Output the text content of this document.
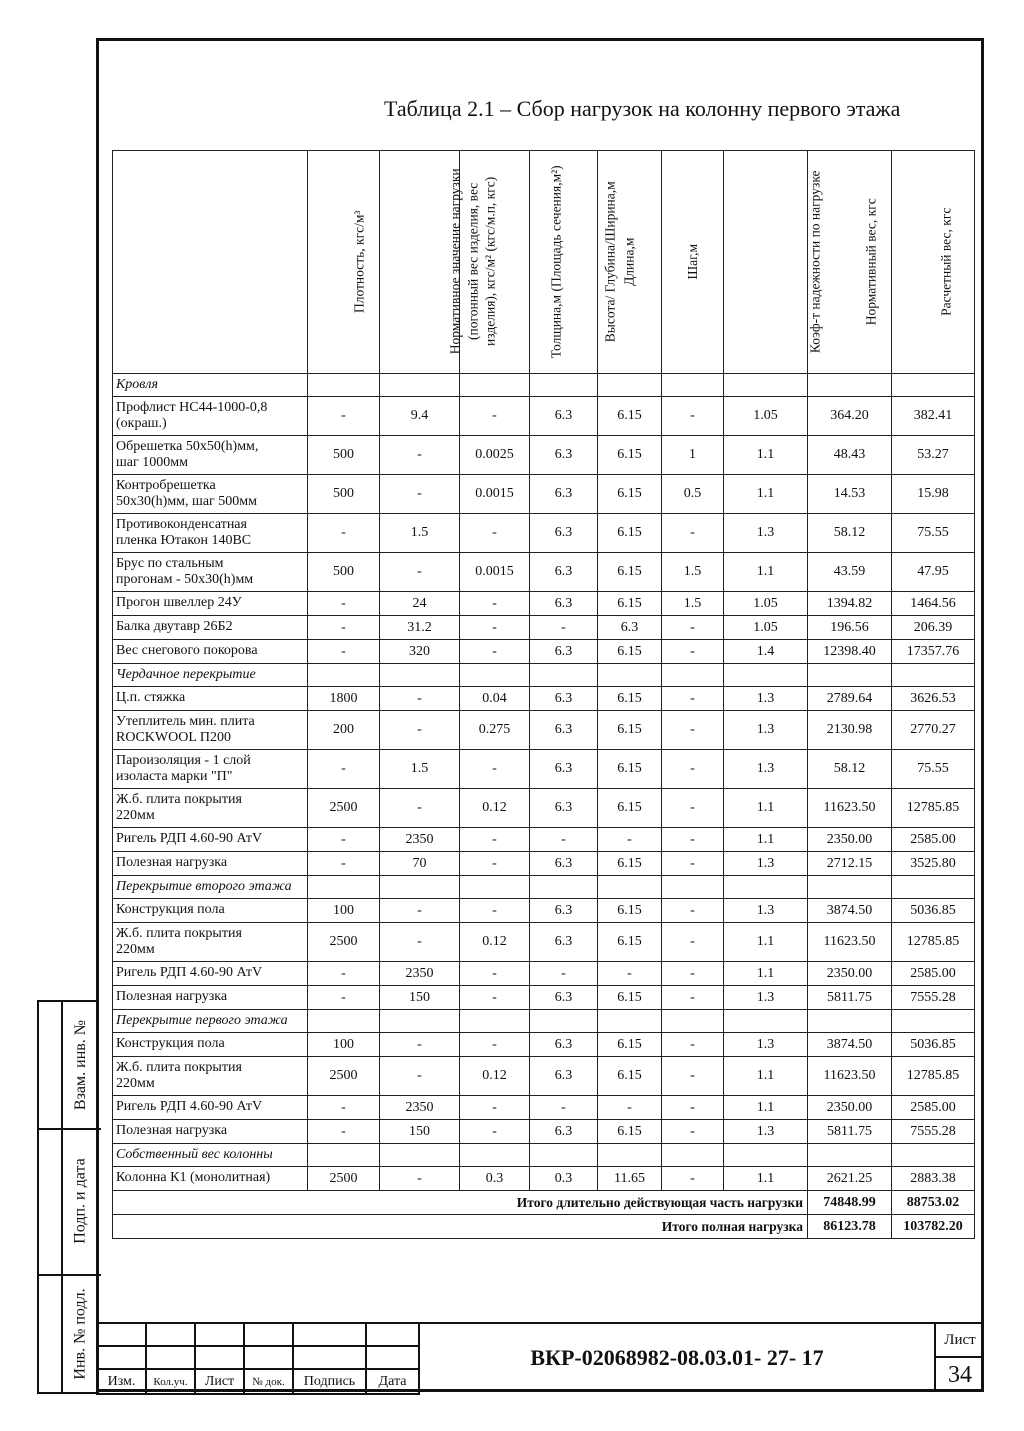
Взам. инв. №
Подп. и дата
Инв. № подл.
Таблица 2.1 – Сбор нагрузок на колонну первого этажа
	Плотность, кгс/м³	Нормативное значение нагрузки (погонный вес изделия, вес изделия), кгс/м² (кгс/м.п, кгс)	Толщина,м (Площадь сечения,м²)	Высота/ Глубина/Ширина,м	Длина,м	Шаг,м	Коэф-т надежности по нагрузке	Нормативный вес, кгс	Расчетный вес, кгс
Кровля									
Профлист НС44-1000-0,8
(окраш.)	-	9.4	-	6.3	6.15	-	1.05	364.20	382.41
Обрешетка 50х50(h)мм,
шаг 1000мм	500	-	0.0025	6.3	6.15	1	1.1	48.43	53.27
Контробрешетка
50х30(h)мм, шаг 500мм	500	-	0.0015	6.3	6.15	0.5	1.1	14.53	15.98
Противоконденсатная
пленка Ютакон 140ВС	-	1.5	-	6.3	6.15	-	1.3	58.12	75.55
Брус по стальным
прогонам - 50х30(h)мм	500	-	0.0015	6.3	6.15	1.5	1.1	43.59	47.95
Прогон швеллер 24У	-	24	-	6.3	6.15	1.5	1.05	1394.82	1464.56
Балка двутавр 26Б2	-	31.2	-	-	6.3	-	1.05	196.56	206.39
Вес снегового покорова	-	320	-	6.3	6.15	-	1.4	12398.40	17357.76
Чердачное перекрытие									
Ц.п. стяжка	1800	-	0.04	6.3	6.15	-	1.3	2789.64	3626.53
Утеплитель мин. плита
ROCKWOOL П200	200	-	0.275	6.3	6.15	-	1.3	2130.98	2770.27
Пароизоляция - 1 слой
изоласта марки "П"	-	1.5	-	6.3	6.15	-	1.3	58.12	75.55
Ж.б. плита покрытия
220мм	2500	-	0.12	6.3	6.15	-	1.1	11623.50	12785.85
Ригель РДП 4.60-90 АтV	-	2350	-	-	-	-	1.1	2350.00	2585.00
Полезная нагрузка	-	70	-	6.3	6.15	-	1.3	2712.15	3525.80
Перекрытие второго этажа									
Конструкция пола	100	-	-	6.3	6.15	-	1.3	3874.50	5036.85
Ж.б. плита покрытия
220мм	2500	-	0.12	6.3	6.15	-	1.1	11623.50	12785.85
Ригель РДП 4.60-90 АтV	-	2350	-	-	-	-	1.1	2350.00	2585.00
Полезная нагрузка	-	150	-	6.3	6.15	-	1.3	5811.75	7555.28
Перекрытие первого этажа									
Конструкция пола	100	-	-	6.3	6.15	-	1.3	3874.50	5036.85
Ж.б. плита покрытия
220мм	2500	-	0.12	6.3	6.15	-	1.1	11623.50	12785.85
Ригель РДП 4.60-90 АтV	-	2350	-	-	-	-	1.1	2350.00	2585.00
Полезная нагрузка	-	150	-	6.3	6.15	-	1.3	5811.75	7555.28
Собственный вес колонны									
Колонна К1 (монолитная)	2500	-	0.3	0.3	11.65	-	1.1	2621.25	2883.38
Итого длительно действующая часть нагрузки								74848.99	88753.02
Итого полная нагрузка								86123.78	103782.20

Изм.	Кол.уч.	Лист	№ док.	Подпись	Дата
ВКР-02068982-08.03.01- 27- 17
Лист
34
